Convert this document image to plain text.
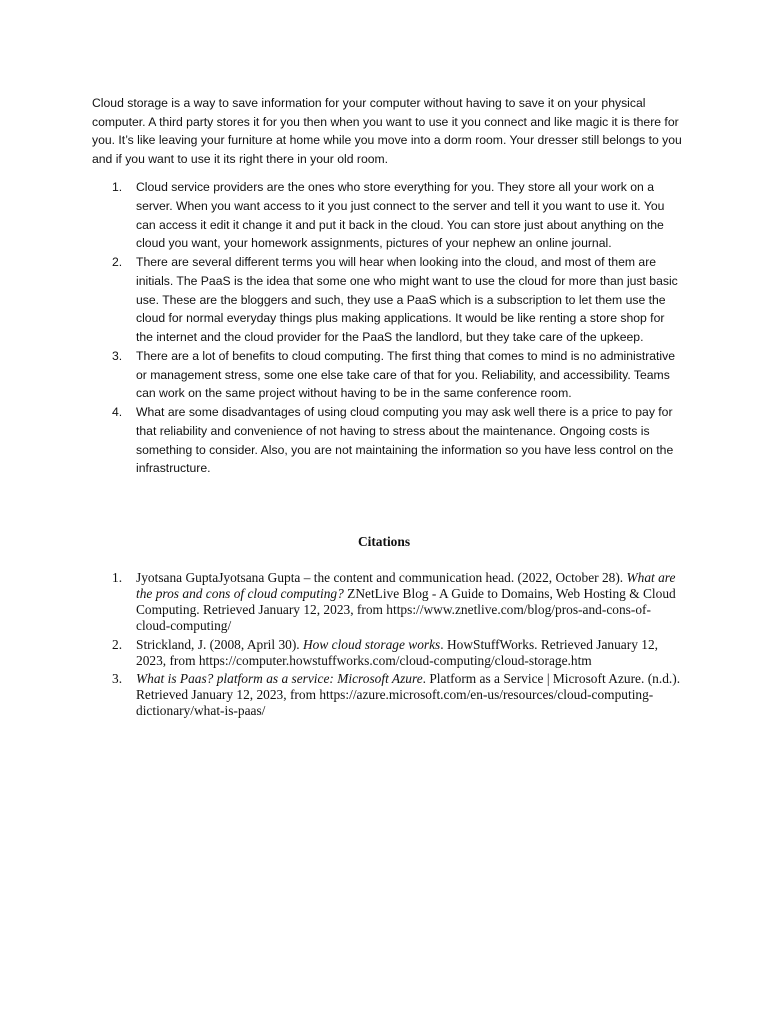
Cloud storage is a way to save information for your computer without having to save it on your physical computer. A third party stores it for you then when you want to use it you connect and like magic it is there for you. It’s like leaving your furniture at home while you move into a dorm room. Your dresser still belongs to you and if you want to use it its right there in your old room.

1. Cloud service providers are the ones who store everything for you. They store all your work on a server. When you want access to it you just connect to the server and tell it you want to use it. You can access it edit it change it and put it back in the cloud. You can store just about anything on the cloud you want, your homework assignments, pictures of your nephew an online journal.
2. There are several different terms you will hear when looking into the cloud, and most of them are initials. The PaaS is the idea that some one who might want to use the cloud for more than just basic use. These are the bloggers and such, they use a PaaS which is a subscription to let them use the cloud for normal everyday things plus making applications. It would be like renting a store shop for the internet and the cloud provider for the PaaS the landlord, but they take care of the upkeep.
3. There are a lot of benefits to cloud computing. The first thing that comes to mind is no administrative or management stress, some one else take care of that for you. Reliability, and accessibility. Teams can work on the same project without having to be in the same conference room.
4. What are some disadvantages of using cloud computing you may ask well there is a price to pay for that reliability and convenience of not having to stress about the maintenance. Ongoing costs is something to consider. Also, you are not maintaining the information so you have less control on the infrastructure.
Citations
1. Jyotsana GuptaJyotsana Gupta – the content and communication head. (2022, October 28). What are the pros and cons of cloud computing? ZNetLive Blog - A Guide to Domains, Web Hosting & Cloud Computing. Retrieved January 12, 2023, from https://www.znetlive.com/blog/pros-and-cons-of-cloud-computing/
2. Strickland, J. (2008, April 30). How cloud storage works. HowStuffWorks. Retrieved January 12, 2023, from https://computer.howstuffworks.com/cloud-computing/cloud-storage.htm
3. What is Paas? platform as a service: Microsoft Azure. Platform as a Service | Microsoft Azure. (n.d.). Retrieved January 12, 2023, from https://azure.microsoft.com/en-us/resources/cloud-computing-dictionary/what-is-paas/
